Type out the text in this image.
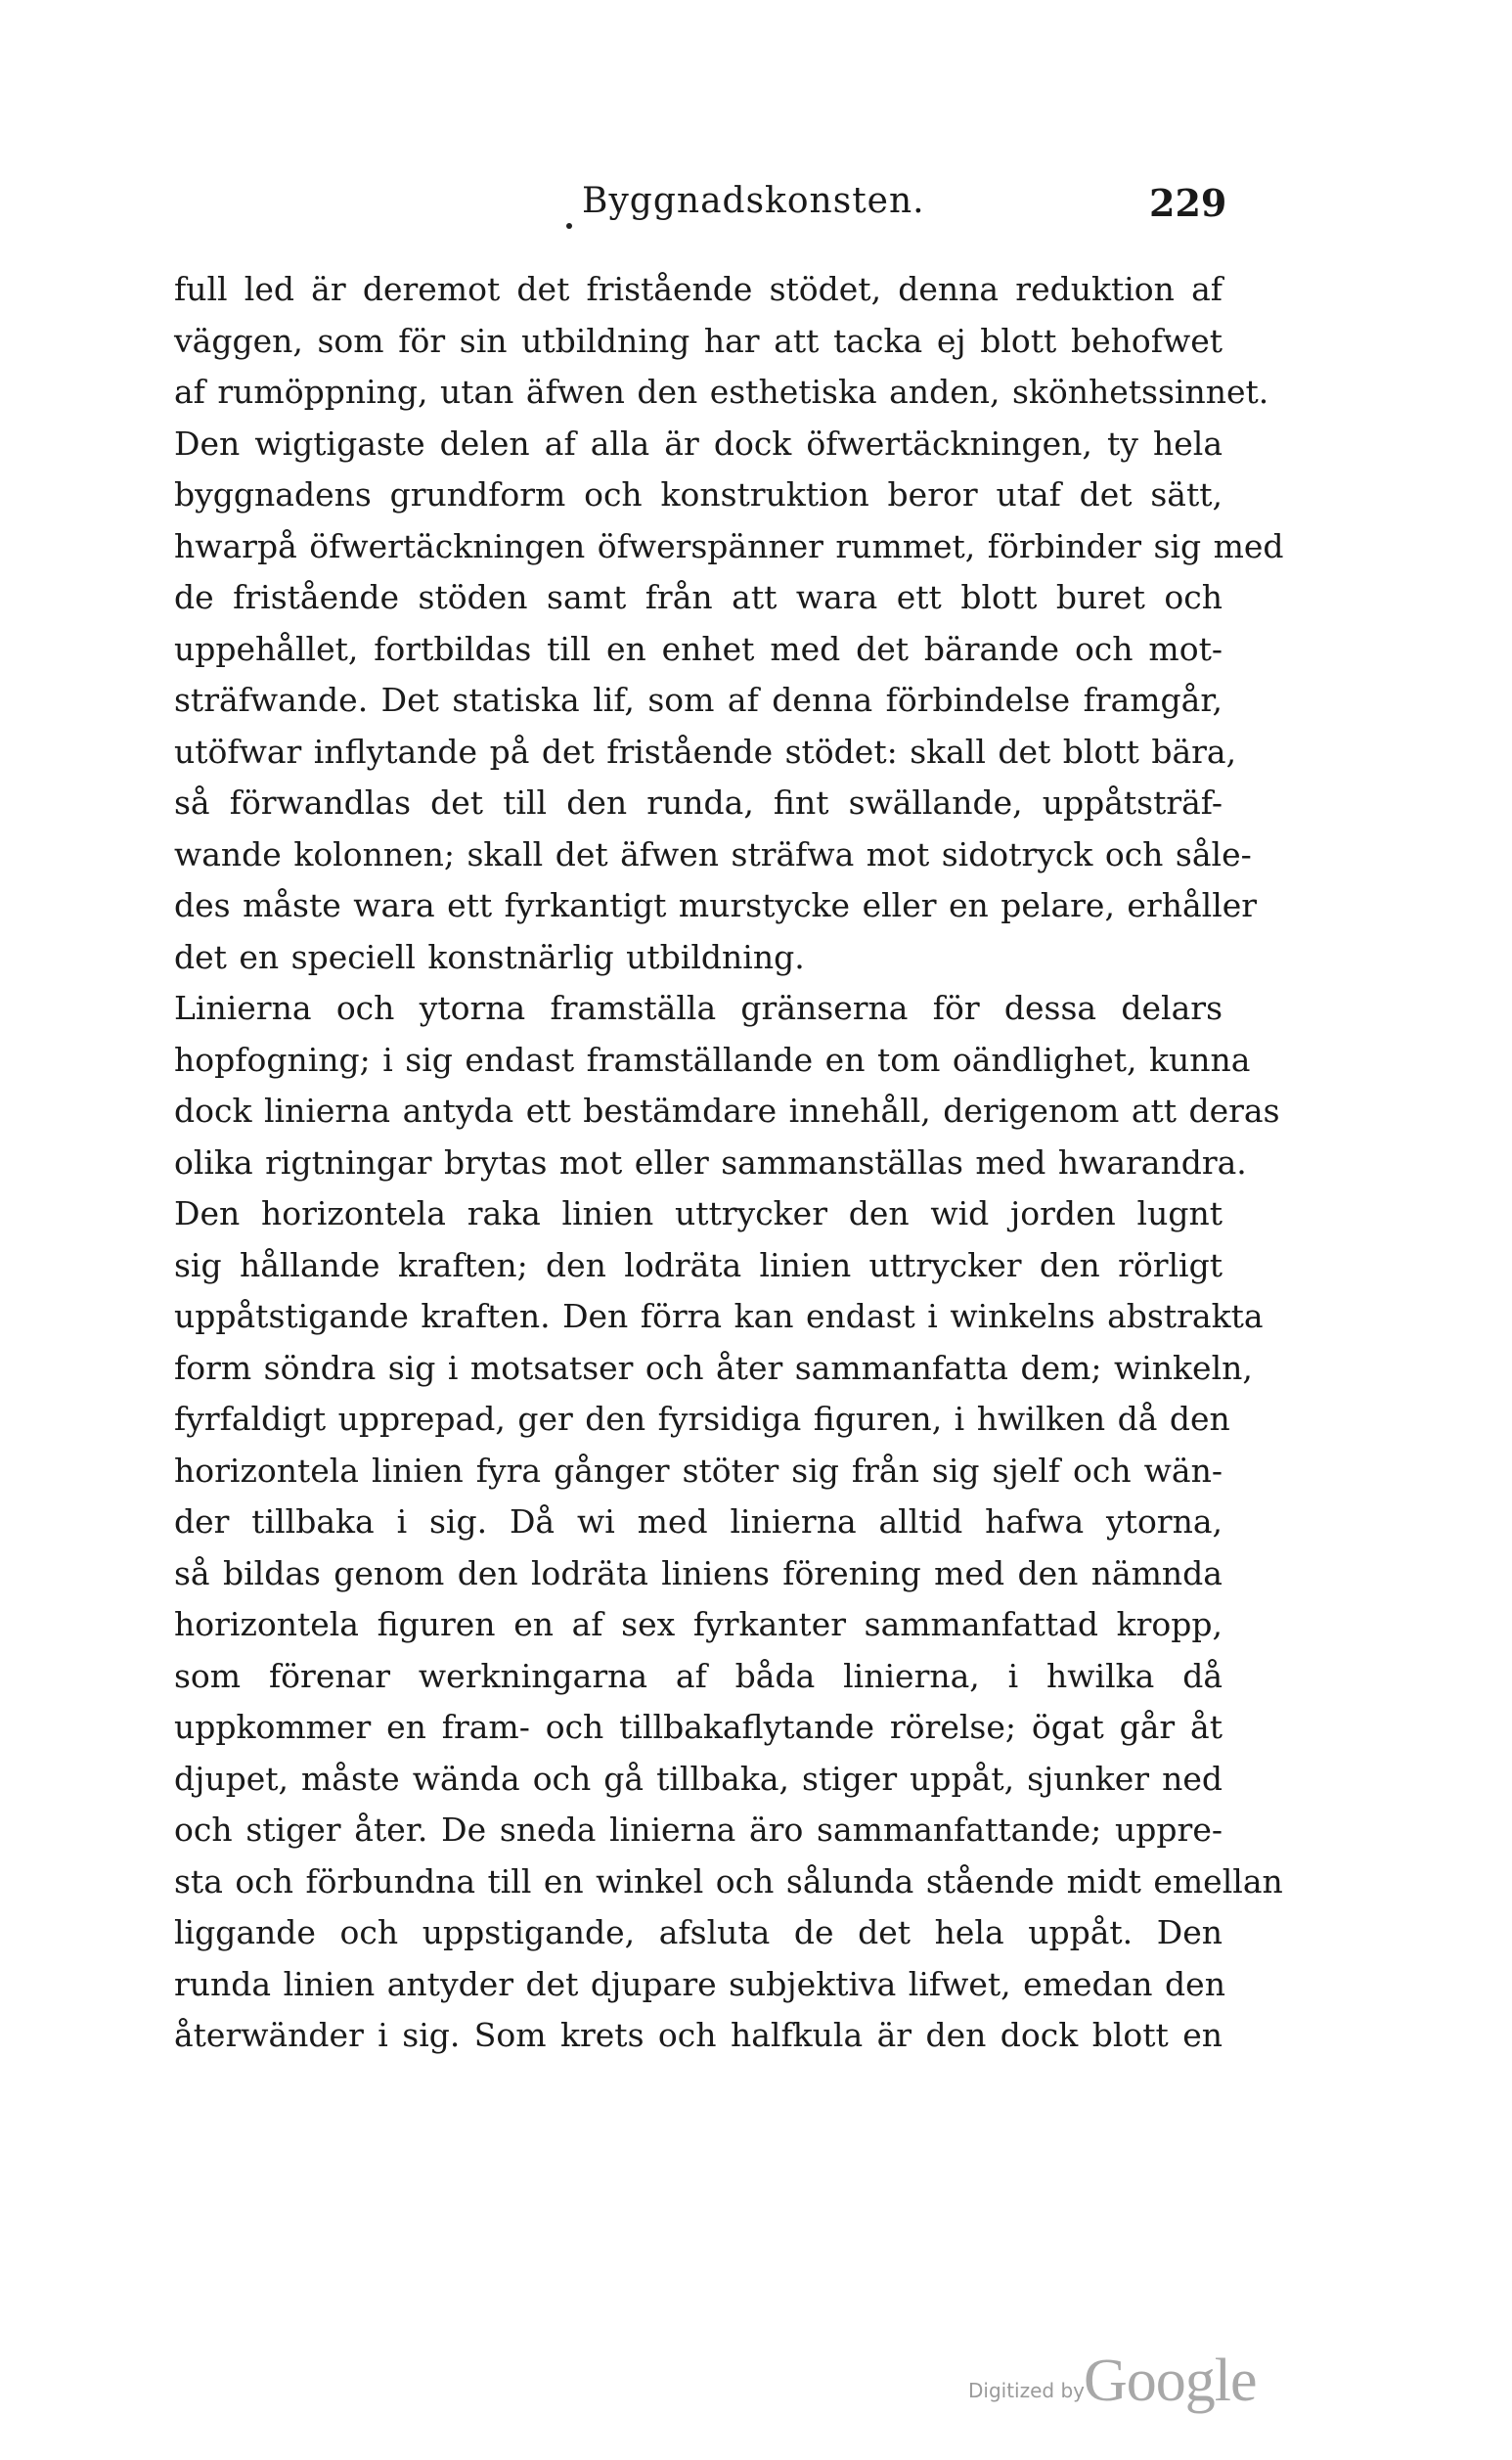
Byggnadskonsten.	229
full led är deremot det fristående stödet, denna reduktion af
väggen, som för sin utbildning har att tacka ej blott behofwet
af rumöppning, utan äfwen den esthetiska anden, skönhetssinnet.
Den wigtigaste delen af alla är dock öfwertäckningen, ty hela
byggnadens grundform och konstruktion beror utaf det sätt,
hwarpå öfwertäckningen öfwerspänner rummet, förbinder sig med
de fristående stöden samt från att wara ett blott buret och
uppehållet, fortbildas till en enhet med det bärande och mot-
sträfwande. Det statiska lif, som af denna förbindelse framgår,
utöfwar inflytande på det fristående stödet: skall det blott bära,
så förwandlas det till den runda, fint swällande, uppåtsträf-
wande kolonnen; skall det äfwen sträfwa mot sidotryck och såle-
des måste wara ett fyrkantigt murstycke eller en pelare, erhåller
det en speciell konstnärlig utbildning.
Linierna och ytorna framställa gränserna för dessa delars
hopfogning; i sig endast framställande en tom oändlighet, kunna
dock linierna antyda ett bestämdare innehåll, derigenom att deras
olika rigtningar brytas mot eller sammanställas med hwarandra.
Den horizontela raka linien uttrycker den wid jorden lugnt
sig hållande kraften; den lodräta linien uttrycker den rörligt
uppåtstigande kraften. Den förra kan endast i winkelns abstrakta
form söndra sig i motsatser och åter sammanfatta dem; winkeln,
fyrfaldigt upprepad, ger den fyrsidiga figuren, i hwilken då den
horizontela linien fyra gånger stöter sig från sig sjelf och wän-
der tillbaka i sig. Då wi med linierna alltid hafwa ytorna,
så bildas genom den lodräta liniens förening med den nämnda
horizontela figuren en af sex fyrkanter sammanfattad kropp,
som förenar werkningarna af båda linierna, i hwilka då
uppkommer en fram- och tillbakaflytande rörelse; ögat går åt
djupet, måste wända och gå tillbaka, stiger uppåt, sjunker ned
och stiger åter. De sneda linierna äro sammanfattande; uppre-
sta och förbundna till en winkel och sålunda stående midt emellan
liggande och uppstigande, afsluta de det hela uppåt. Den
runda linien antyder det djupare subjektiva lifwet, emedan den
återwänder i sig. Som krets och halfkula är den dock blott en
Digitized by Google
